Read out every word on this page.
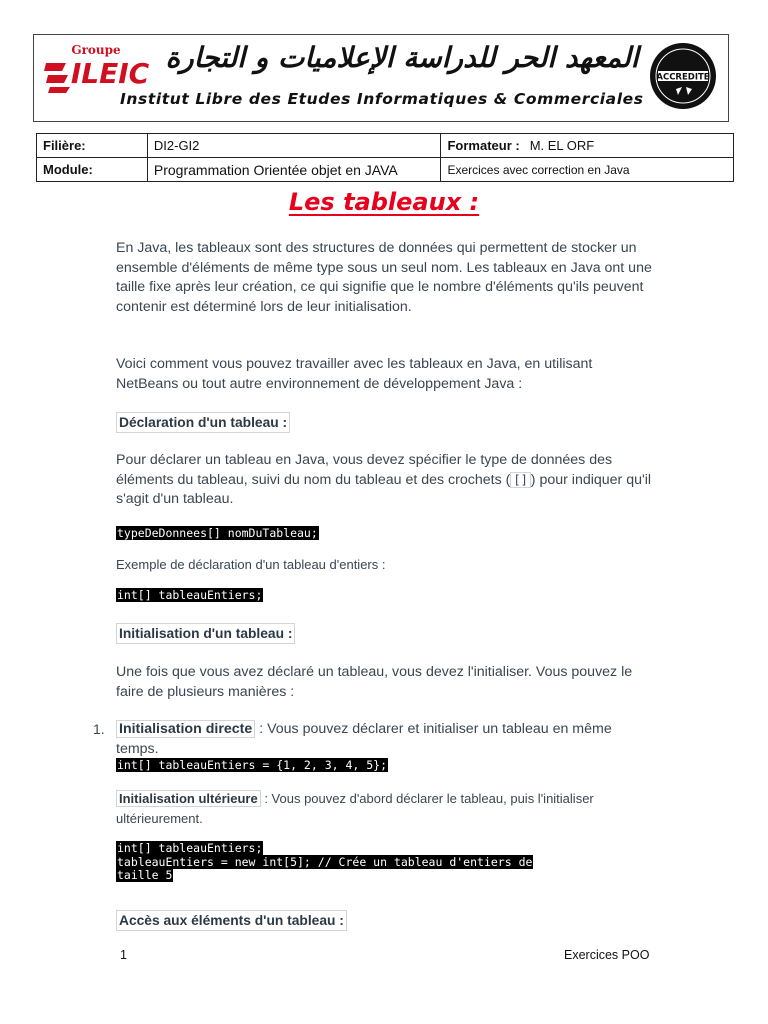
Groupe
ILEIC المعهد الحر للدراسة الإعلاميات و التجارة
Institut Libre des Etudes Informatiques & Commerciales
ACCREDITE
Filière:	DI2-GI2	Formateur : M. EL ORF
Module:	Programmation Orientée objet en JAVA	Exercices avec correction en Java
Les tableaux :
En Java, les tableaux sont des structures de données qui permettent de stocker un ensemble d'éléments de même type sous un seul nom. Les tableaux en Java ont une taille fixe après leur création, ce qui signifie que le nombre d'éléments qu'ils peuvent contenir est déterminé lors de leur initialisation.
Voici comment vous pouvez travailler avec les tableaux en Java, en utilisant NetBeans ou tout autre environnement de développement Java :
Déclaration d'un tableau :
Pour déclarer un tableau en Java, vous devez spécifier le type de données des éléments du tableau, suivi du nom du tableau et des crochets ( [] ) pour indiquer qu'il s'agit d'un tableau.
typeDeDonnees[] nomDuTableau;
Exemple de déclaration d'un tableau d'entiers :
int[] tableauEntiers;
Initialisation d'un tableau :
Une fois que vous avez déclaré un tableau, vous devez l'initialiser. Vous pouvez le faire de plusieurs manières :
1. Initialisation directe : Vous pouvez déclarer et initialiser un tableau en même temps.
int[] tableauEntiers = {1, 2, 3, 4, 5};
Initialisation ultérieure : Vous pouvez d'abord déclarer le tableau, puis l'initialiser ultérieurement.
int[] tableauEntiers;
tableauEntiers = new int[5]; // Crée un tableau d'entiers de
taille 5
Accès aux éléments d'un tableau :
1	Exercices POO
